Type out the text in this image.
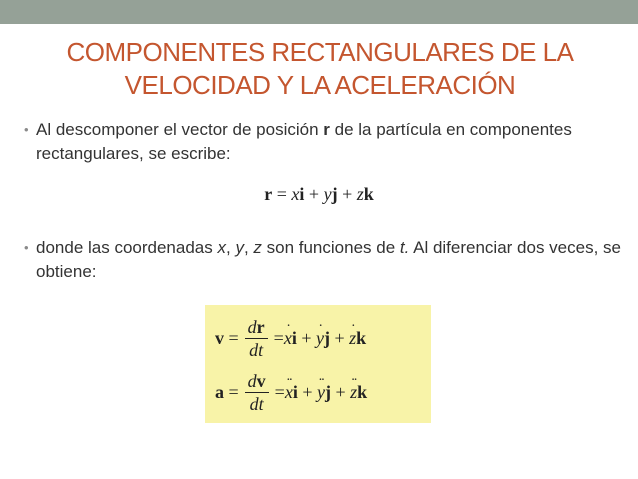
COMPONENTES RECTANGULARES DE LA
VELOCIDAD Y LA ACELERACIÓN
• Al descomponer el vector de posición r de la partícula en componentes rectangulares, se escribe:
r = xi + yj + zk
• donde las coordenadas x, y, z son funciones de t. Al diferenciar dos veces, se obtiene:
$v = \frac{dr}{dt} = x \cdot i + y \cdot j + z \cdot k$
$a = \frac{dv}{dt} = x \cdot\cdot i + y \cdot\cdot j + z \cdot\cdot k$
